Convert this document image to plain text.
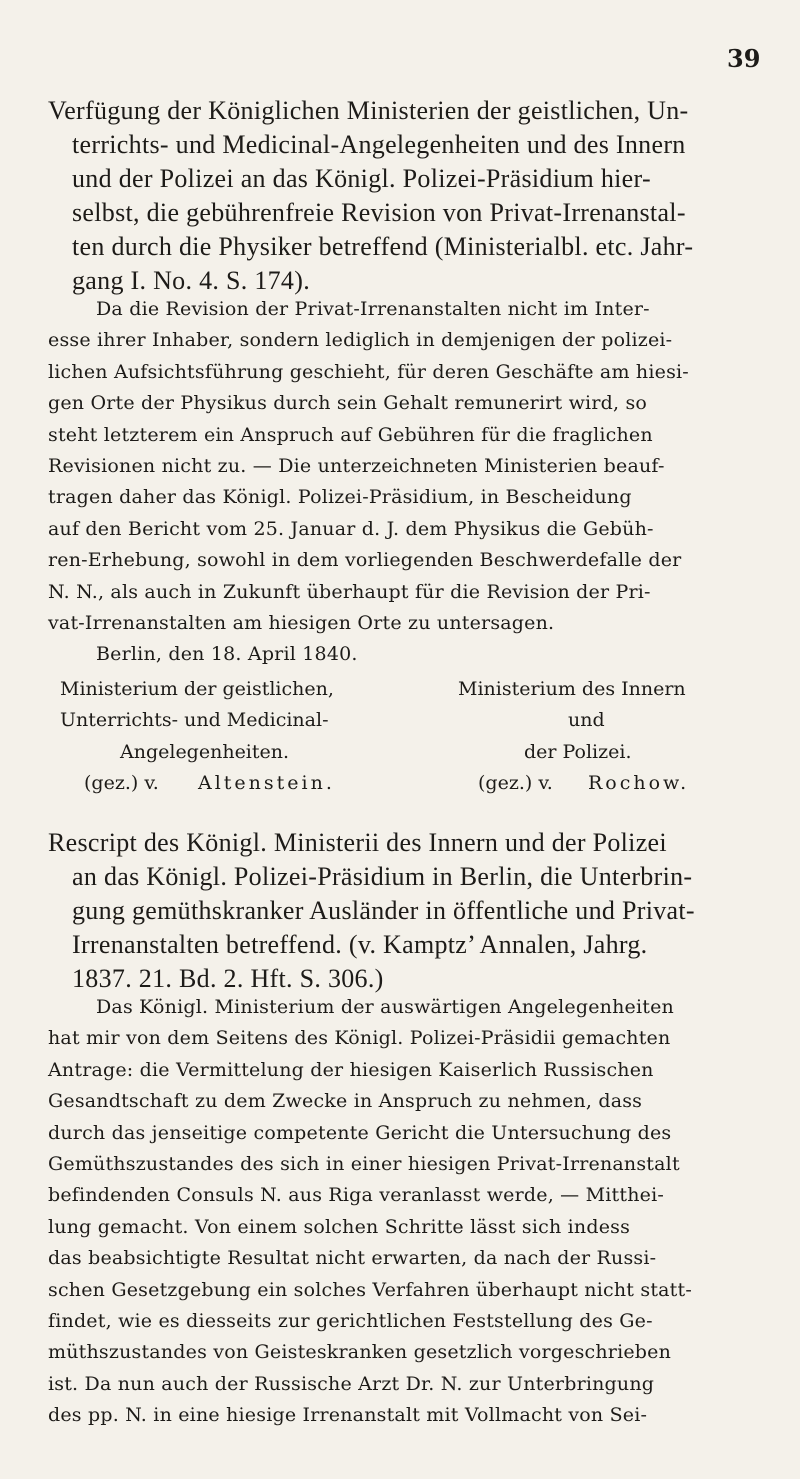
39

Verfügung der Königlichen Ministerien der geistlichen, Un-
terrichts- und Medicinal-Angelegenheiten und des Innern
und der Polizei an das Königl. Polizei-Präsidium hier-
selbst, die gebührenfreie Revision von Privat-Irrenanstal-
ten durch die Physiker betreffend (Ministerialbl. etc. Jahr-
gang I. No. 4. S. 174).

Da die Revision der Privat-Irrenanstalten nicht im Inter-
esse ihrer Inhaber, sondern lediglich in demjenigen der polizei-
lichen Aufsichtsführung geschieht, für deren Geschäfte am hiesi-
gen Orte der Physikus durch sein Gehalt remunerirt wird, so
steht letzterem ein Anspruch auf Gebühren für die fraglichen
Revisionen nicht zu. — Die unterzeichneten Ministerien beauf-
tragen daher das Königl. Polizei-Präsidium, in Bescheidung
auf den Bericht vom 25. Januar d. J. dem Physikus die Gebüh-
ren-Erhebung, sowohl in dem vorliegenden Beschwerdefalle der
N. N., als auch in Zukunft überhaupt für die Revision der Pri-
vat-Irrenanstalten am hiesigen Orte zu untersagen.
Berlin, den 18. April 1840.

Ministerium der geistlichen,	Ministerium des Innern
Unterrichts- und Medicinal-	und
Angelegenheiten.	der Polizei.
(gez.) v. Altenstein.	(gez.) v. Rochow.

Rescript des Königl. Ministerii des Innern und der Polizei
an das Königl. Polizei-Präsidium in Berlin, die Unterbrin-
gung gemüthskranker Ausländer in öffentliche und Privat-
Irrenanstalten betreffend. (v. Kamptz’ Annalen, Jahrg.
1837. 21. Bd. 2. Hft. S. 306.)

Das Königl. Ministerium der auswärtigen Angelegenheiten
hat mir von dem Seitens des Königl. Polizei-Präsidii gemachten
Antrage: die Vermittelung der hiesigen Kaiserlich Russischen
Gesandtschaft zu dem Zwecke in Anspruch zu nehmen, dass
durch das jenseitige competente Gericht die Untersuchung des
Gemüthszustandes des sich in einer hiesigen Privat-Irrenanstalt
befindenden Consuls N. aus Riga veranlasst werde, — Mitthei-
lung gemacht. Von einem solchen Schritte lässt sich indess
das beabsichtigte Resultat nicht erwarten, da nach der Russi-
schen Gesetzgebung ein solches Verfahren überhaupt nicht statt-
findet, wie es diesseits zur gerichtlichen Feststellung des Ge-
müthszustandes von Geisteskranken gesetzlich vorgeschrieben
ist. Da nun auch der Russische Arzt Dr. N. zur Unterbringung
des pp. N. in eine hiesige Irrenanstalt mit Vollmacht von Sei-
